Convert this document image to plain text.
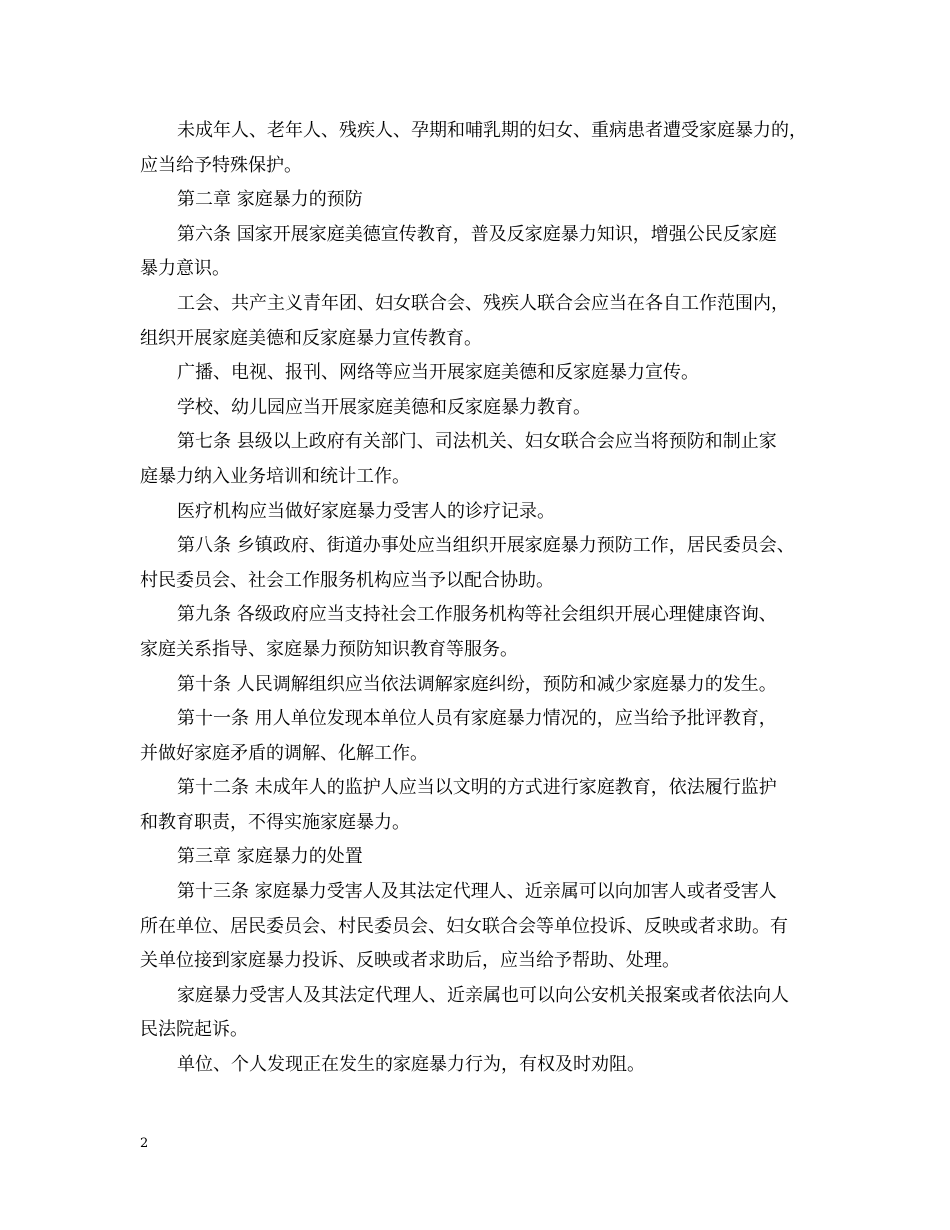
未成年人、老年人、残疾人、孕期和哺乳期的妇女、重病患者遭受家庭暴力的，
应当给予特殊保护。
第二章 家庭暴力的预防
第六条 国家开展家庭美德宣传教育，普及反家庭暴力知识，增强公民反家庭
暴力意识。
工会、共产主义青年团、妇女联合会、残疾人联合会应当在各自工作范围内，
组织开展家庭美德和反家庭暴力宣传教育。
广播、电视、报刊、网络等应当开展家庭美德和反家庭暴力宣传。
学校、幼儿园应当开展家庭美德和反家庭暴力教育。
第七条 县级以上政府有关部门、司法机关、妇女联合会应当将预防和制止家
庭暴力纳入业务培训和统计工作。
医疗机构应当做好家庭暴力受害人的诊疗记录。
第八条 乡镇政府、街道办事处应当组织开展家庭暴力预防工作，居民委员会、
村民委员会、社会工作服务机构应当予以配合协助。
第九条 各级政府应当支持社会工作服务机构等社会组织开展心理健康咨询、
家庭关系指导、家庭暴力预防知识教育等服务。
第十条 人民调解组织应当依法调解家庭纠纷，预防和减少家庭暴力的发生。
第十一条 用人单位发现本单位人员有家庭暴力情况的，应当给予批评教育，
并做好家庭矛盾的调解、化解工作。
第十二条 未成年人的监护人应当以文明的方式进行家庭教育，依法履行监护
和教育职责，不得实施家庭暴力。
第三章 家庭暴力的处置
第十三条 家庭暴力受害人及其法定代理人、近亲属可以向加害人或者受害人
所在单位、居民委员会、村民委员会、妇女联合会等单位投诉、反映或者求助。有
关单位接到家庭暴力投诉、反映或者求助后，应当给予帮助、处理。
家庭暴力受害人及其法定代理人、近亲属也可以向公安机关报案或者依法向人
民法院起诉。
单位、个人发现正在发生的家庭暴力行为，有权及时劝阻。
2
